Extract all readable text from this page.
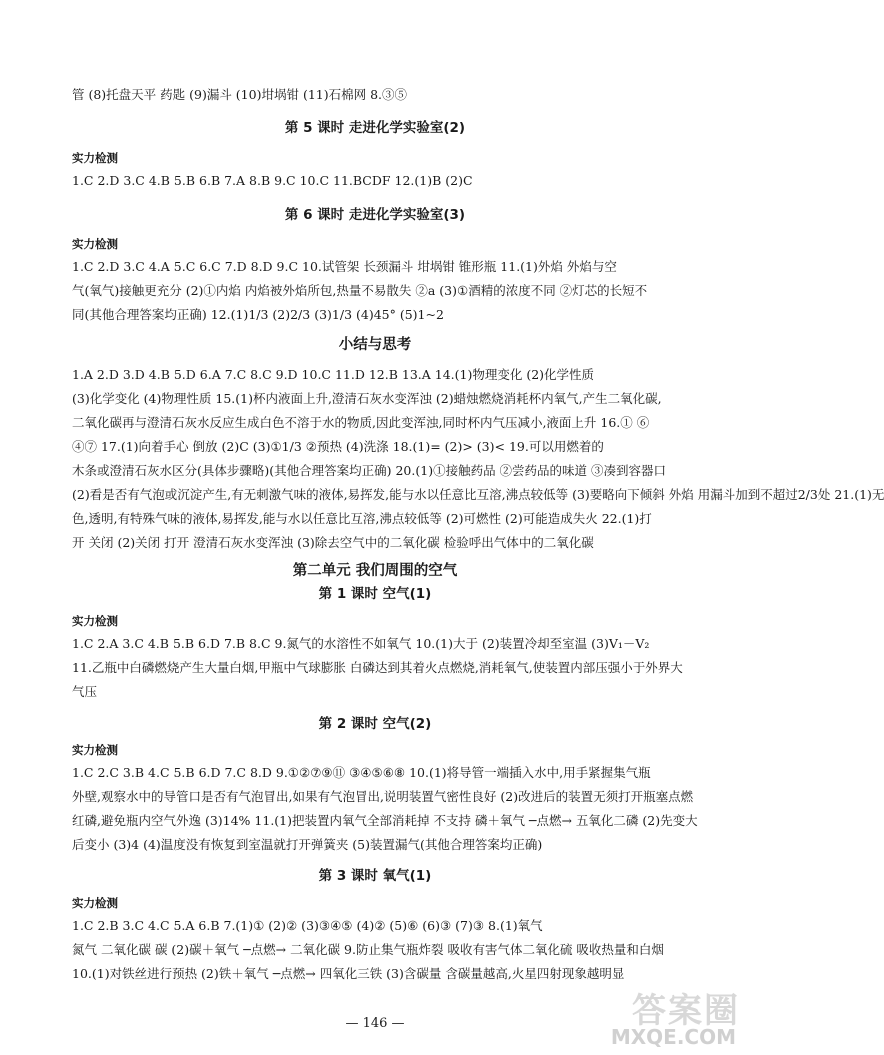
管 (8)托盘天平 药匙 (9)漏斗 (10)坩埚钳 (11)石棉网 8.③⑤
第 5 课时 走进化学实验室(2)
实力检测
1.C 2.D 3.C 4.B 5.B 6.B 7.A 8.B 9.C 10.C 11.BCDF 12.(1)B (2)C
第 6 课时 走进化学实验室(3)
实力检测
1.C 2.D 3.C 4.A 5.C 6.C 7.D 8.D 9.C 10.试管架 长颈漏斗 坩埚钳 锥形瓶 11.(1)外焰 外焰与空
气(氧气)接触更充分 (2)①内焰 内焰被外焰所包,热量不易散失 ②a (3)①酒精的浓度不同 ②灯芯的长短不
同(其他合理答案均正确) 12.(1)1/3 (2)2/3 (3)1/3 (4)45° (5)1~2
小结与思考
1.A 2.D 3.D 4.B 5.D 6.A 7.C 8.C 9.D 10.C 11.D 12.B 13.A 14.(1)物理变化 (2)化学性质
(3)化学变化 (4)物理性质 15.(1)杯内液面上升,澄清石灰水变浑浊 (2)蜡烛燃烧消耗杯内氧气,产生二氧化碳,
二氧化碳再与澄清石灰水反应生成白色不溶于水的物质,因此变浑浊,同时杯内气压减小,液面上升 16.① ⑥
④⑦ 17.(1)向着手心 倒放 (2)C (3)①1/3 ②预热 (4)洗涤 18.(1)= (2)> (3)< 19.可以用燃着的
木条或澄清石灰水区分(具体步骤略)(其他合理答案均正确) 20.(1)①接触药品 ②尝药品的味道 ③凑到容器口
(2)看是否有气泡或沉淀产生,有无刺激气味的液体,易挥发,能与水以任意比互溶,沸点较低等 (3)要略向下倾斜 外焰 用漏斗加到不超过2/3处 21.(1)无
色,透明,有特殊气味的液体,易挥发,能与水以任意比互溶,沸点较低等 (2)可燃性 (2)可能造成失火 22.(1)打
开 关闭 (2)关闭 打开 澄清石灰水变浑浊 (3)除去空气中的二氧化碳 检验呼出气体中的二氧化碳
第二单元 我们周围的空气
第 1 课时 空气(1)
实力检测
1.C 2.A 3.C 4.B 5.B 6.D 7.B 8.C 9.氮气的水溶性不如氧气 10.(1)大于 (2)装置冷却至室温 (3)V₁－V₂
11.乙瓶中白磷燃烧产生大量白烟,甲瓶中气球膨胀 白磷达到其着火点燃烧,消耗氧气,使装置内部压强小于外界大
气压
第 2 课时 空气(2)
实力检测
1.C 2.C 3.B 4.C 5.B 6.D 7.C 8.D 9.①②⑦⑨⑪ ③④⑤⑥⑧ 10.(1)将导管一端插入水中,用手紧握集气瓶
外壁,观察水中的导管口是否有气泡冒出,如果有气泡冒出,说明装置气密性良好 (2)改进后的装置无须打开瓶塞点燃
红磷,避免瓶内空气外逸 (3)14% 11.(1)把装置内氧气全部消耗掉 不支持 磷＋氧气 ─点燃→ 五氧化二磷 (2)先变大
后变小 (3)4 (4)温度没有恢复到室温就打开弹簧夹 (5)装置漏气(其他合理答案均正确)
第 3 课时 氧气(1)
实力检测
1.C 2.B 3.C 4.C 5.A 6.B 7.(1)① (2)② (3)③④⑤ (4)② (5)⑥ (6)③ (7)③ 8.(1)氧气
氮气 二氧化碳 碳 (2)碳＋氧气 ─点燃→ 二氧化碳 9.防止集气瓶炸裂 吸收有害气体二氧化硫 吸收热量和白烟
10.(1)对铁丝进行预热 (2)铁＋氧气 ─点燃→ 四氧化三铁 (3)含碳量 含碳量越高,火星四射现象越明显
— 146 —	答案圈
MXQE.COM
